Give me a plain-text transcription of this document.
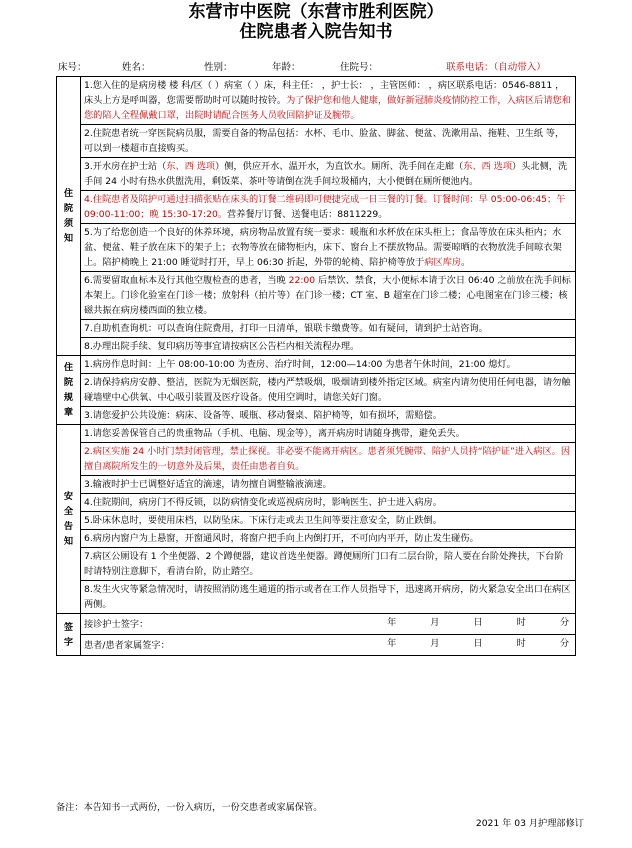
东营市中医院（东营市胜利医院）
住院患者入院告知书
床号：	姓名：	性别：	年龄：	住院号：	联系电话：（自动带入）
住院须知	1.您入住的是病房楼 楼 科/区（ ）病室（ ）床，科主任： ，护士长： ，主管医师： ，病区联系电话：0546-8811 ，床头上方是呼叫器，您需要帮助时可以随时按铃。为了保护您和他人健康，做好新冠肺炎疫情防控工作，入病区后请您和您的陪人全程佩戴口罩，出院时请配合医务人员收回陪护证及腕带。
	2.住院患者统一穿医院病员服，需要自备的物品包括：水杯、毛巾、脸盆、脚盆、便盆、洗漱用品、拖鞋、卫生纸 等，可以到一楼超市直接购买。
	3.开水房在护士站（东、西 选项）侧，供应开水、温开水，为直饮水。厕所、洗手间在走廊（东、西 选项）头北侧，洗手间 24 小时有热水供盥洗用，剩饭菜、茶叶等请倒在洗手间垃圾桶内，大小便倒在厕所便池内。
	4.住院患者及陪护可通过扫描张贴在床头的订餐二维码即可便捷完成一日三餐的订餐。订餐时间：早 05:00-06:45；午 09:00-11:00；晚 15:30-17:20。营养餐厅订餐、送餐电话：8811229。
	5.为了给您创造一个良好的休养环境，病房物品放置有统一要求：暖瓶和水杯放在床头柜上；食品等放在床头柜内；水盆、便盆、鞋子放在床下的架子上；衣物等放在储物柜内，床下、窗台上不摆放物品。需要晾晒的衣物放洗手间晾衣架上。陪护椅晚上 21:00 睡觉时打开，早上 06:30 折起，外带的轮椅、陪护椅等放于病区库房。
	6.需要留取血标本及行其他空腹检查的患者，当晚 22:00 后禁饮、禁食，大小便标本请于次日 06:40 之前放在洗手间标本架上。门诊化验室在门诊一楼；放射科（拍片等）在门诊一楼；CT 室、B 超室在门诊二楼；心电图室在门诊三楼；核磁共振在病房楼西面的独立楼。
	7.自助机查询机：可以查询住院费用，打印一日清单，银联卡缴费等。如有疑问，请到护士站咨询。
	8.办理出院手续、复印病历等事宜请按病区公告栏内相关流程办理。
住院规章	1.病房作息时间：上午 08:00-10:00 为查房、治疗时间，12:00—14:00 为患者午休时间，21:00 熄灯。
	2.请保持病房安静、整洁，医院为无烟医院，楼内严禁吸烟，吸烟请到楼外指定区域。病室内请勿使用任何电器，请勿触碰墙壁中心供氧、中心吸引装置及医疗设备。使用空调时，请您关好门窗。
	3.请您爱护公共设施：病床、设备等、暖瓶、移动餐桌、陪护椅等，如有损坏，需赔偿。
安全告知	1.请您妥善保管自己的贵重物品（手机、电脑、现金等），离开病房时请随身携带，避免丢失。
	2.病区实施 24 小时门禁封闭管理，禁止探视。非必要不能离开病区。患者须凭腕带、陪护人员持“陪护证”进入病区。因擅自离院所发生的一切意外及后果，责任由患者自负。
	3.输液时护士已调整好适宜的滴速，请勿擅自调整输液滴速。
	4.住院期间，病房门不得反锁，以防病情变化或巡视病房时，影响医生、护士进入病房。
	5.卧床休息时，要使用床档，以防坠床。下床行走或去卫生间等要注意安全，防止跌倒。
	6.病房内窗户为上悬窗，开窗通风时，将窗户把手向上内倒打开，不可向内平开，防止发生碰伤。
	7.病区公厕设有 1 个坐便器、2 个蹲便器，建议首选坐便器。蹲便厕所门口有二层台阶，陪人要在台阶处搀扶，下台阶时请特别注意脚下，看清台阶，防止踏空。
	8.发生火灾等紧急情况时，请按照消防逃生通道的指示或者在工作人员指导下，迅速离开病房，防火紧急安全出口在病区两侧。
签字	接诊护士签字： 年 月 日 时 分

	患者/患者家属签字： 年 月 日 时 分
备注：本告知书一式两份，一份入病历，一份交患者或家属保管。
2021 年 03 月护理部修订
